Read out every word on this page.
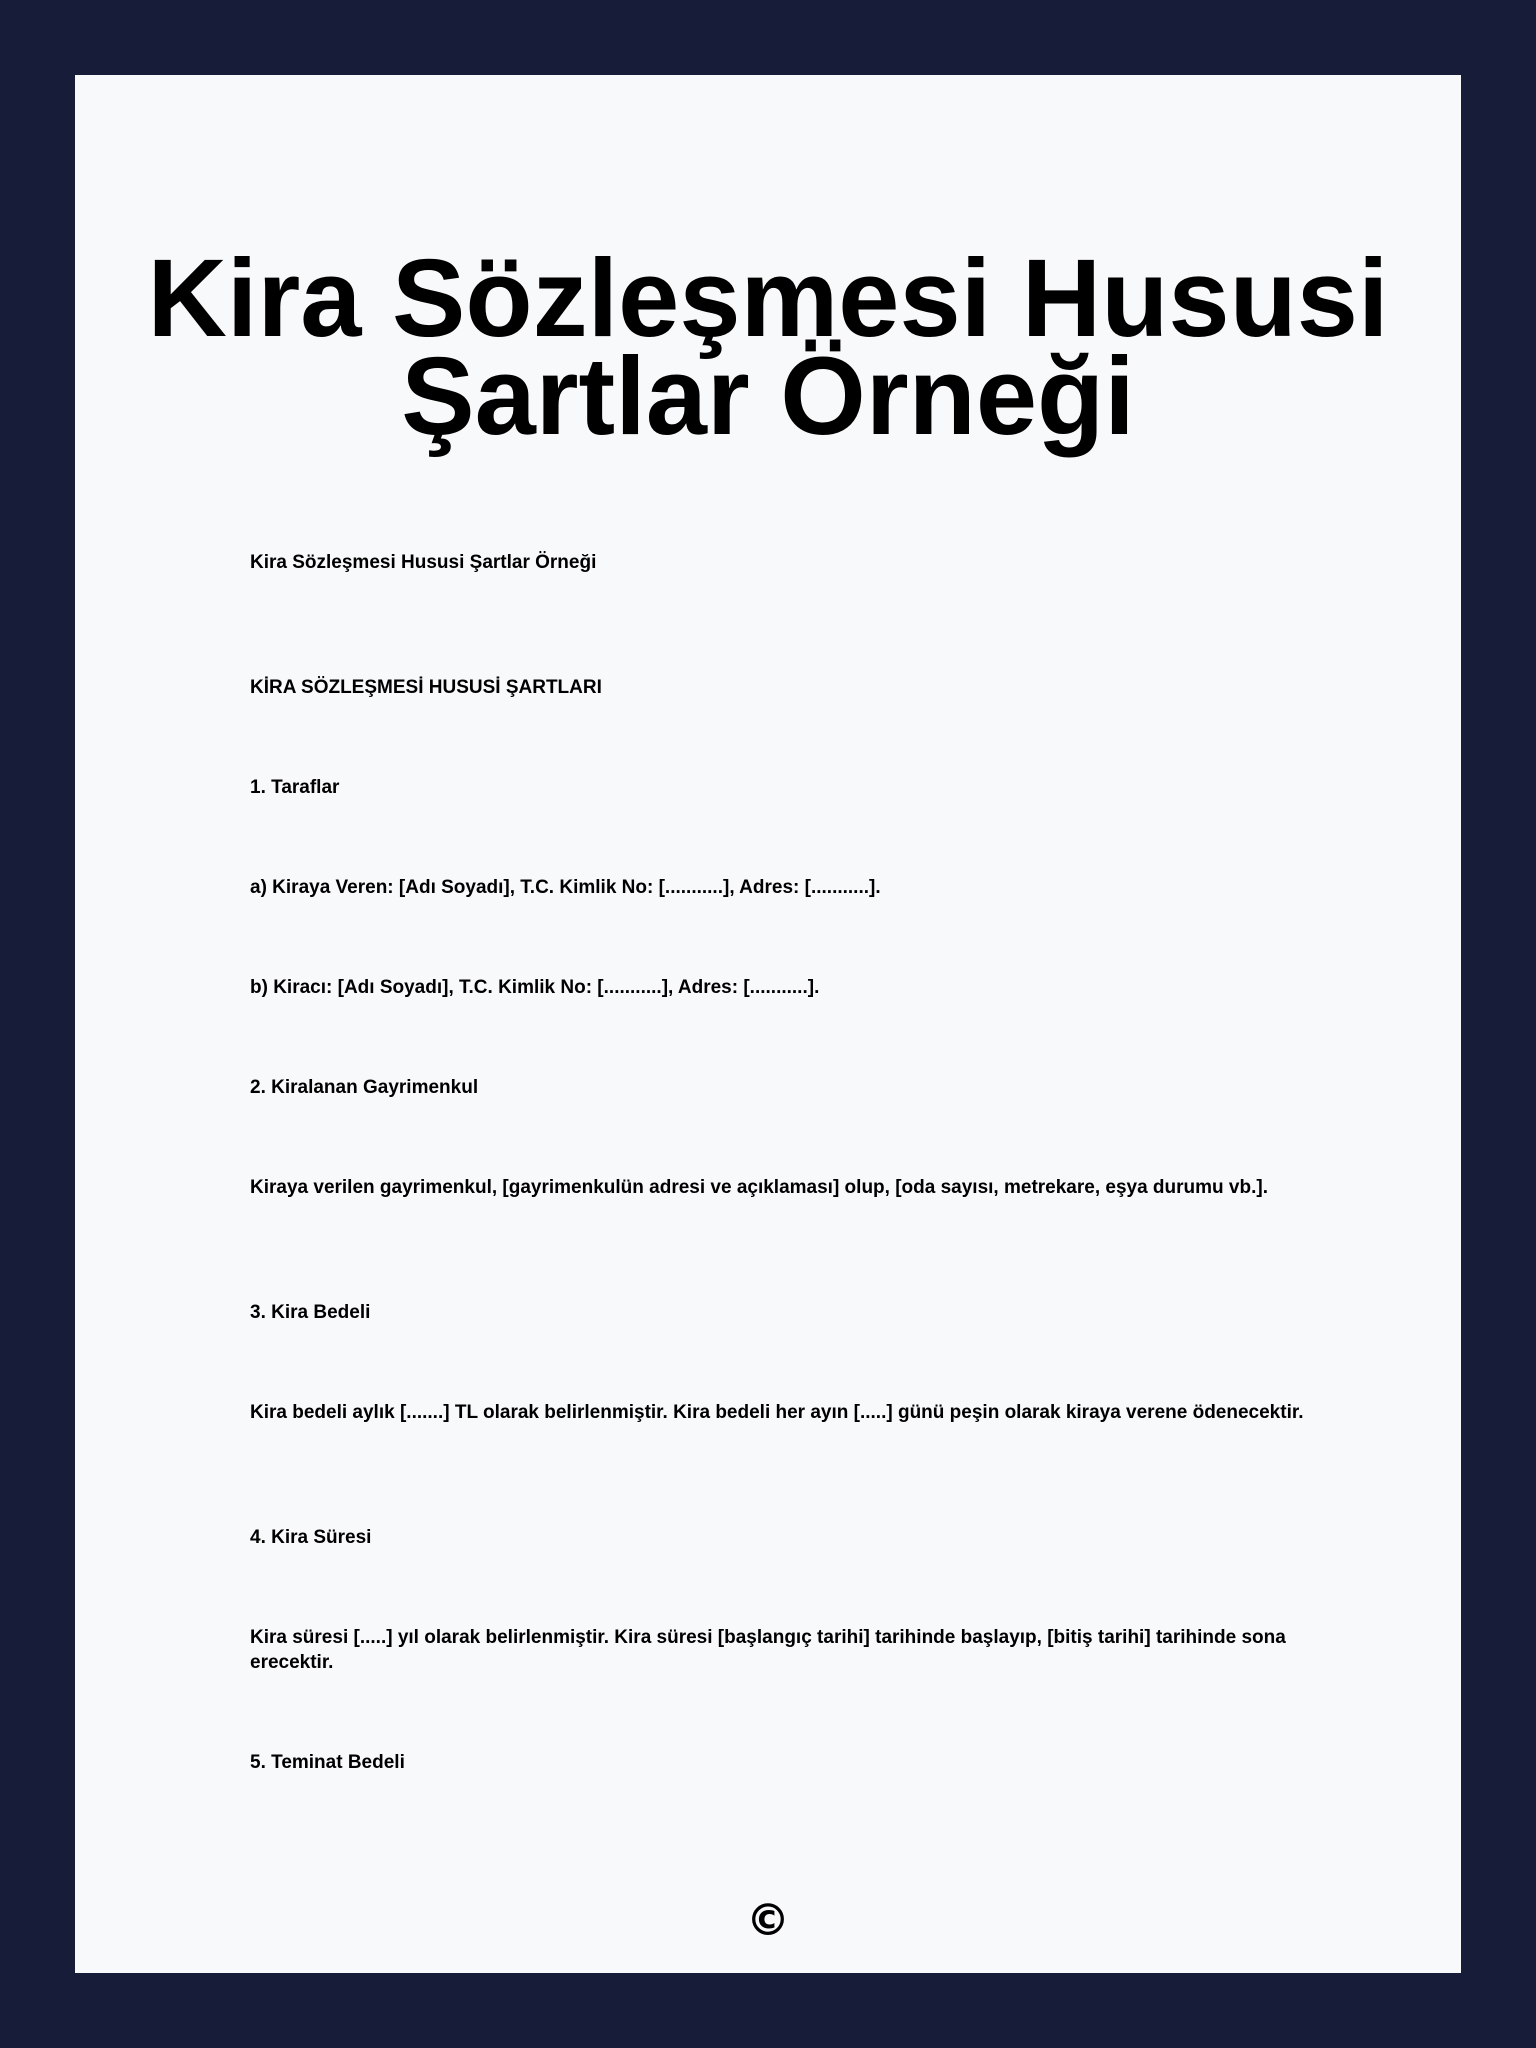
Kira Sözleşmesi Hususi Şartlar Örneği

Kira Sözleşmesi Hususi Şartlar Örneği

KİRA SÖZLEŞMESİ HUSUSİ ŞARTLARI

1. Taraflar

a) Kiraya Veren: [Adı Soyadı], T.C. Kimlik No: [...........], Adres: [...........].

b) Kiracı: [Adı Soyadı], T.C. Kimlik No: [...........], Adres: [...........].

2. Kiralanan Gayrimenkul

Kiraya verilen gayrimenkul, [gayrimenkulün adresi ve açıklaması] olup, [oda sayısı, metrekare, eşya durumu vb.].

3. Kira Bedeli

Kira bedeli aylık [.......] TL olarak belirlenmiştir. Kira bedeli her ayın [.....] günü peşin olarak kiraya verene ödenecektir.

4. Kira Süresi

Kira süresi [.....] yıl olarak belirlenmiştir. Kira süresi [başlangıç tarihi] tarihinde başlayıp, [bitiş tarihi] tarihinde sona erecektir.

5. Teminat Bedeli

©
